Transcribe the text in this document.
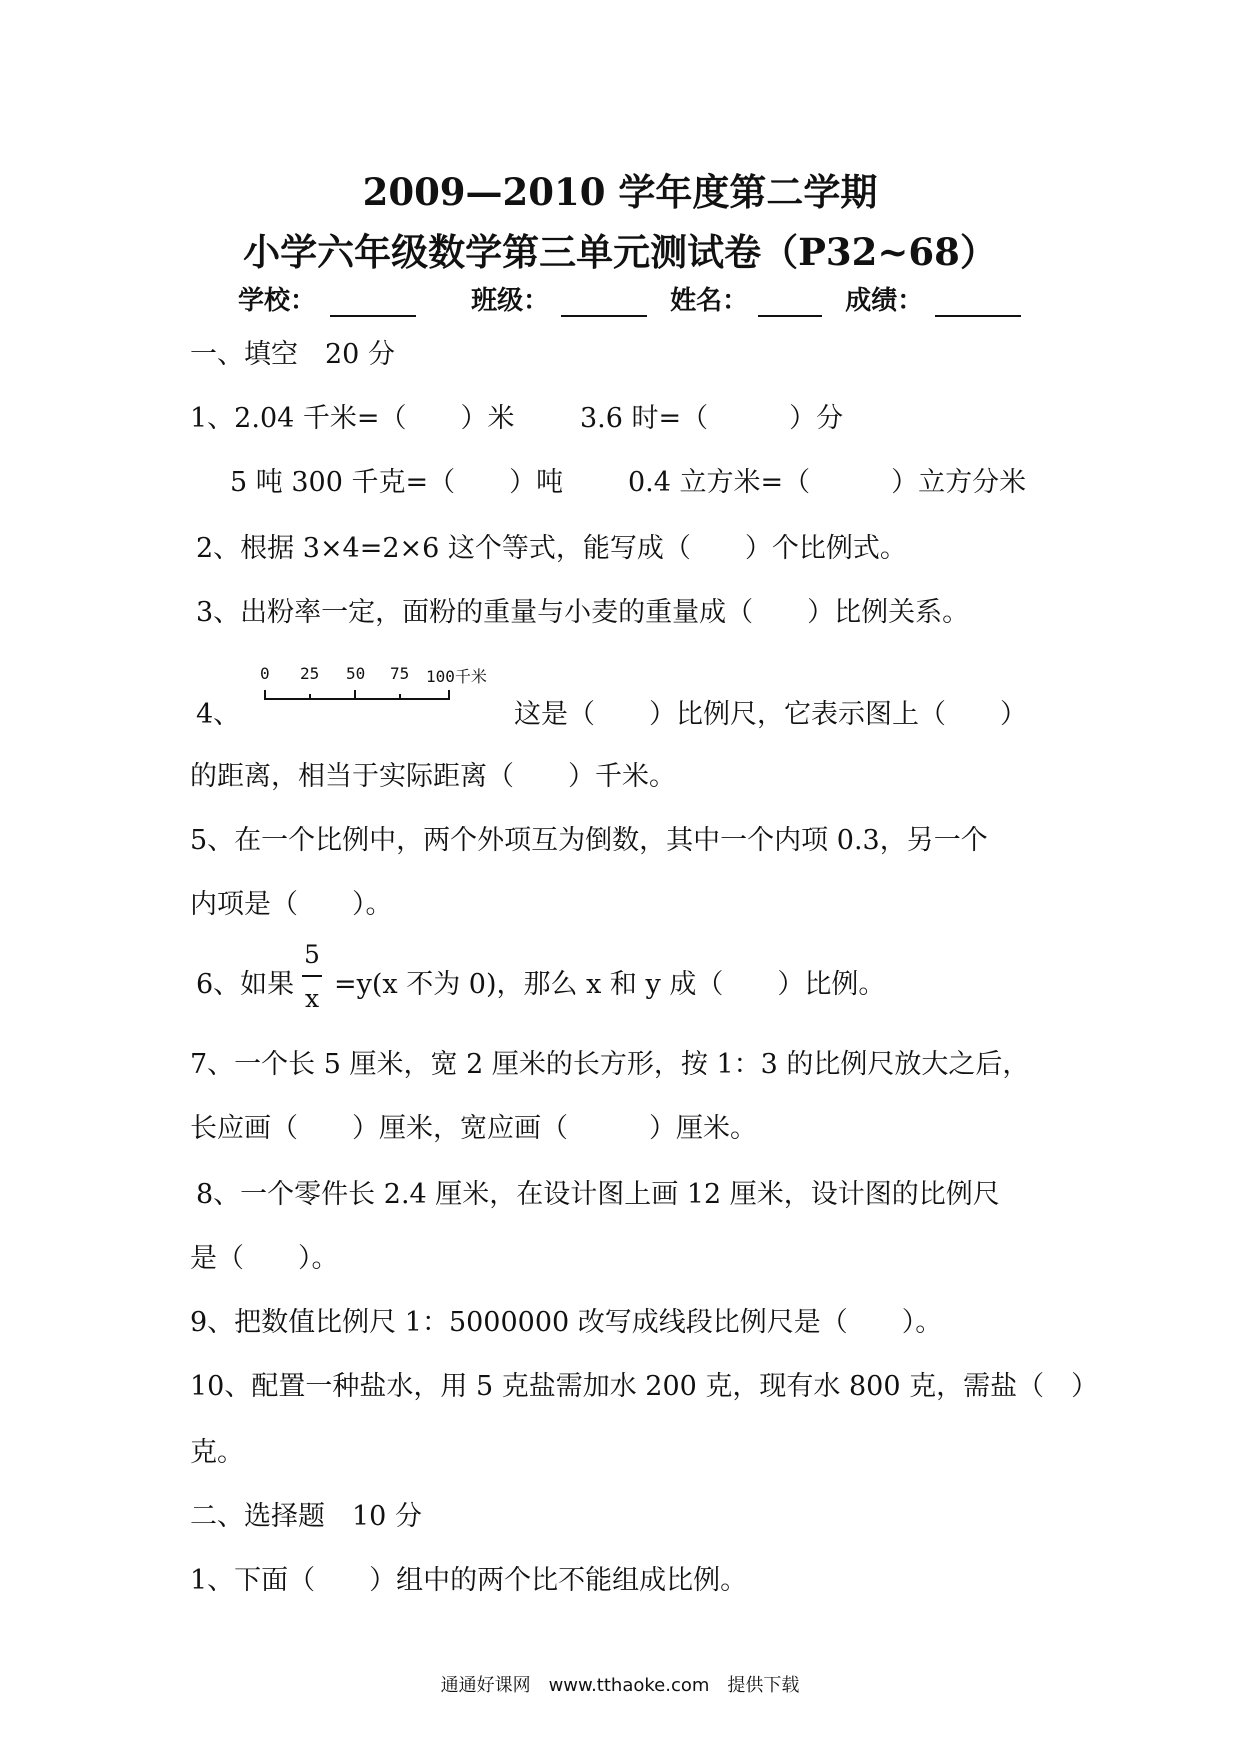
2009—2010 学年度第二学期
小学六年级数学第三单元测试卷（P32~68）
学校：	班级：	姓名：	成绩：
一、填空　20 分
1、2.04 千米=（　　）米 3.6 时=（　　　）分
5 吨 300 千克=（　　）吨 0.4 立方米=（　　　）立方分米
2、根据 3×4=2×6 这个等式，能写成（　　）个比例式。
3、出粉率一定，面粉的重量与小麦的重量成（　　）比例关系。
4、
0 25 50 75 100千米
这是（　　）比例尺，它表示图上（　　）
的距离，相当于实际距离（　　）千米。
5、在一个比例中，两个外项互为倒数，其中一个内项 0.3，另一个
内项是（　　）。
6、如果
5
x =y(x 不为 0)，那么 x 和 y 成（　　）比例。
7、一个长 5 厘米，宽 2 厘米的长方形，按 1：3 的比例尺放大之后，
长应画（　　）厘米，宽应画（　　　）厘米。
8、一个零件长 2.4 厘米，在设计图上画 12 厘米，设计图的比例尺
是（　　）。
9、把数值比例尺 1：5000000 改写成线段比例尺是（　　）。
10、配置一种盐水，用 5 克盐需加水 200 克，现有水 800 克，需盐（　）
克。
二、选择题　10 分
1、下面（　　）组中的两个比不能组成比例。
通通好课网　www.tthaoke.com　提供下载
